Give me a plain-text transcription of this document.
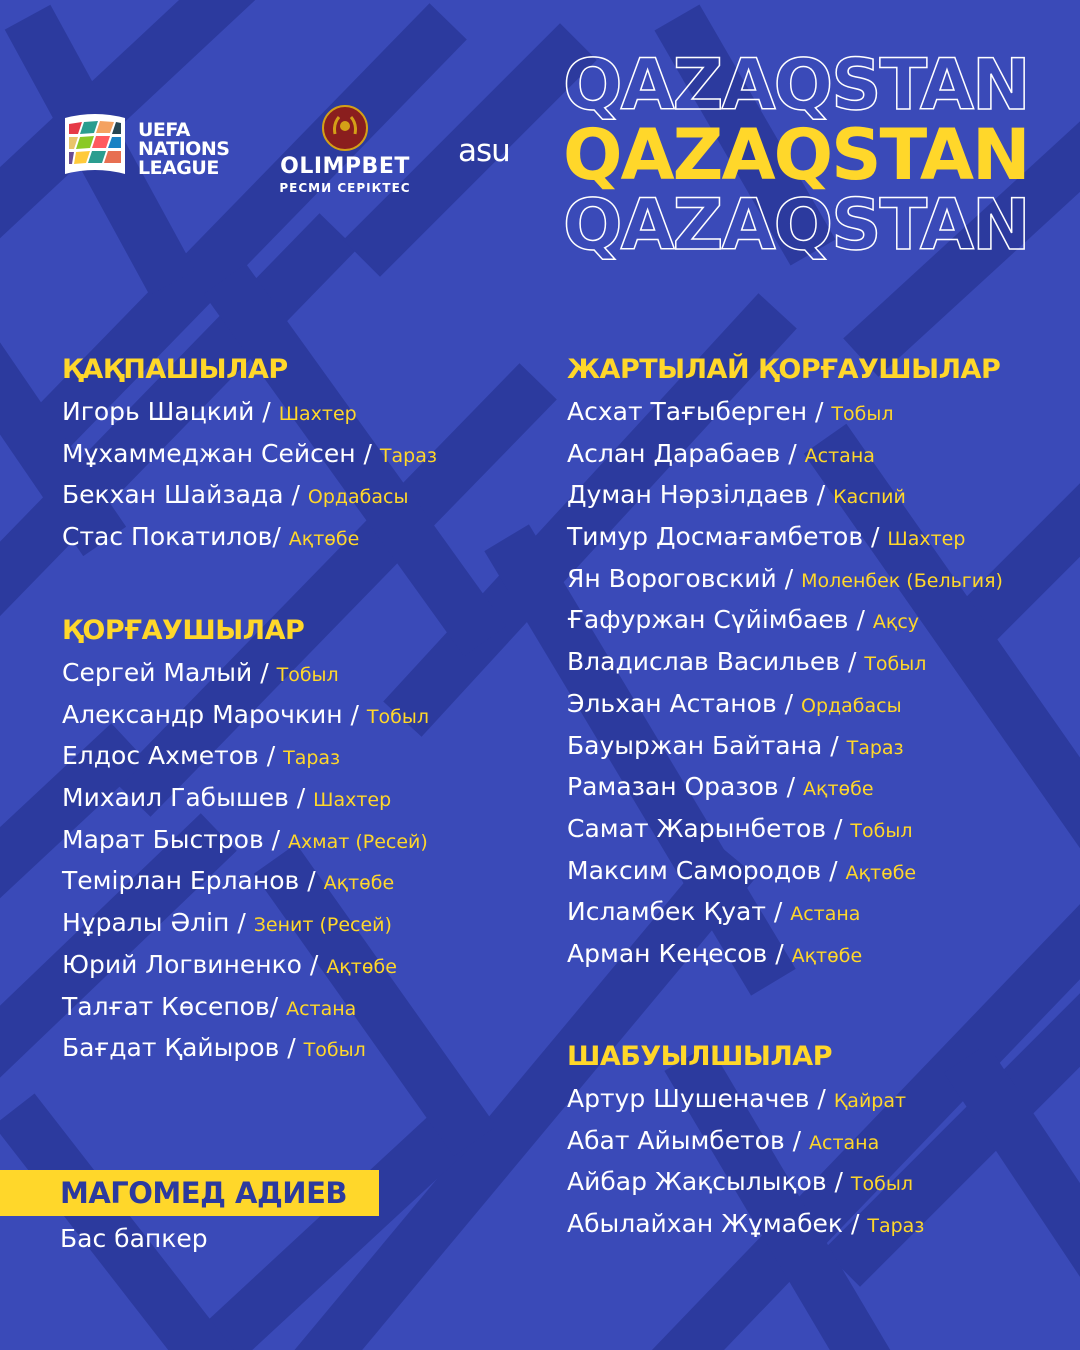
UEFA
NATIONS
LEAGUE	OLIMPBET
РЕСМИ СЕРІКТЕС
asu
QAZAQSTAN
QAZAQSTAN
QAZAQSTAN
ҚАҚПАШЫЛАР
Игорь Шацкий / Шахтер
Мұхаммеджан Сейсен / Тараз
Бекхан Шайзада / Ордабасы
Стас Покатилов/ Ақтөбе
ҚОРҒАУШЫЛАР
Сергей Малый / Тобыл
Александр Марочкин / Тобыл
Елдос Ахметов / Тараз
Михаил Габышев / Шахтер
Марат Быстров / Ахмат (Ресей)
Темірлан Ерланов / Ақтөбе
Нұралы Әліп / Зенит (Ресей)
Юрий Логвиненко / Ақтөбе
Талғат Көсепов/ Астана
Бағдат Қайыров / Тобыл
ЖАРТЫЛАЙ ҚОРҒАУШЫЛАР
Асхат Тағыберген / Тобыл
Аслан Дарабаев / Астана
Думан Нәрзілдаев / Каспий
Тимур Досмағамбетов / Шахтер
Ян Вороговский / Моленбек (Бельгия)
Ғафуржан Сүйімбаев / Ақсу
Владислав Васильев / Тобыл
Эльхан Астанов / Ордабасы
Бауыржан Байтана / Тараз
Рамазан Оразов / Ақтөбе
Самат Жарынбетов / Тобыл
Максим Самородов / Ақтөбе
Исламбек Қуат / Астана
Арман Кеңесов / Ақтөбе
ШАБУЫЛШЫЛАР
Артур Шушеначев / Қайрат
Абат Айымбетов / Астана
Айбар Жақсылықов / Тобыл
Абылайхан Жұмабек / Тараз
МАГОМЕД АДИЕВ
Бас бапкер
